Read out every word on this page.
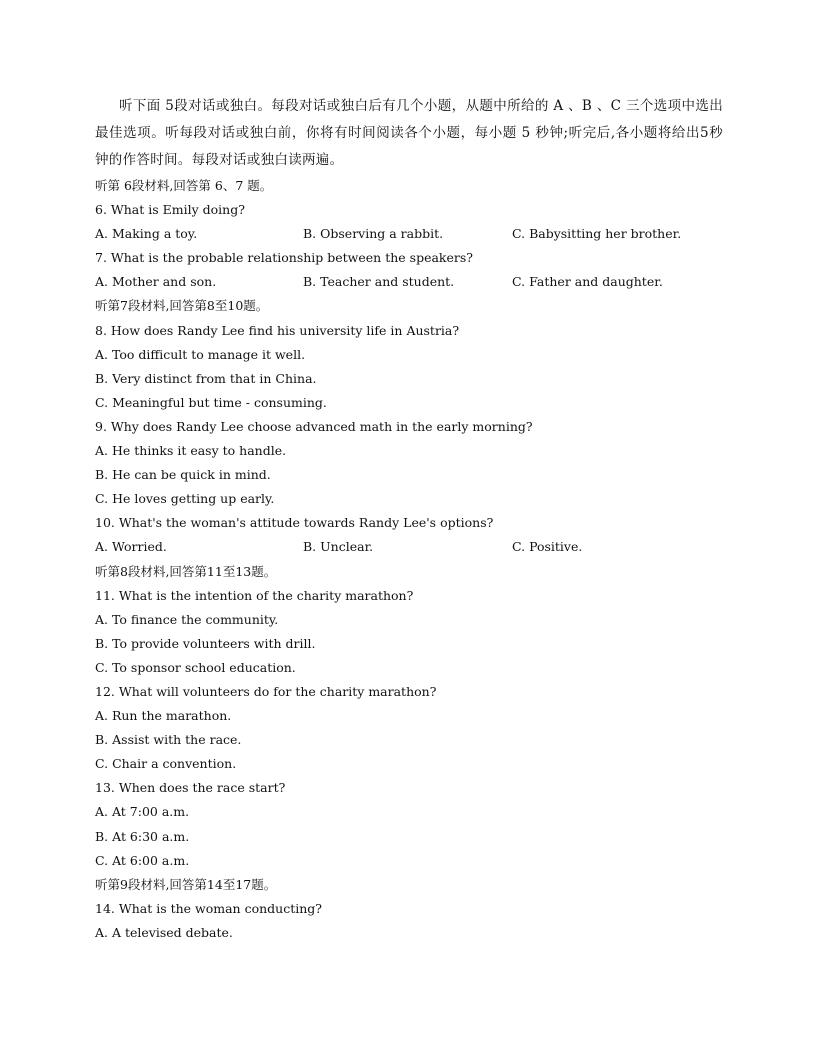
听下面 5段对话或独白。每段对话或独白后有几个小题，从题中所给的 A 、B 、C 三个选项中选出最佳选项。听每段对话或独白前，你将有时间阅读各个小题，每小题 5 秒钟;听完后,各小题将给出5秒钟的作答时间。每段对话或独白读两遍。

听第 6段材料,回答第 6、7 题。
6. What is Emily doing?
A. Making a toy.	B. Observing a rabbit.	C. Babysitting her brother.
7. What is the probable relationship between the speakers?
A. Mother and son.	B. Teacher and student.	C. Father and daughter.
听第7段材料,回答第8至10题。
8. How does Randy Lee find his university life in Austria?
A. Too difficult to manage it well.
B. Very distinct from that in China.
C. Meaningful but time - consuming.
9. Why does Randy Lee choose advanced math in the early morning?
A. He thinks it easy to handle.
B. He can be quick in mind.
C. He loves getting up early.
10. What's the woman's attitude towards Randy Lee's options?
A. Worried.	B. Unclear.	C. Positive.
听第8段材料,回答第11至13题。
11. What is the intention of the charity marathon?
A. To finance the community.
B. To provide volunteers with drill.
C. To sponsor school education.
12. What will volunteers do for the charity marathon?
A. Run the marathon.
B. Assist with the race.
C. Chair a convention.
13. When does the race start?
A. At 7:00 a.m.
B. At 6:30 a.m.
C. At 6:00 a.m.
听第9段材料,回答第14至17题。
14. What is the woman conducting?
A. A televised debate.
